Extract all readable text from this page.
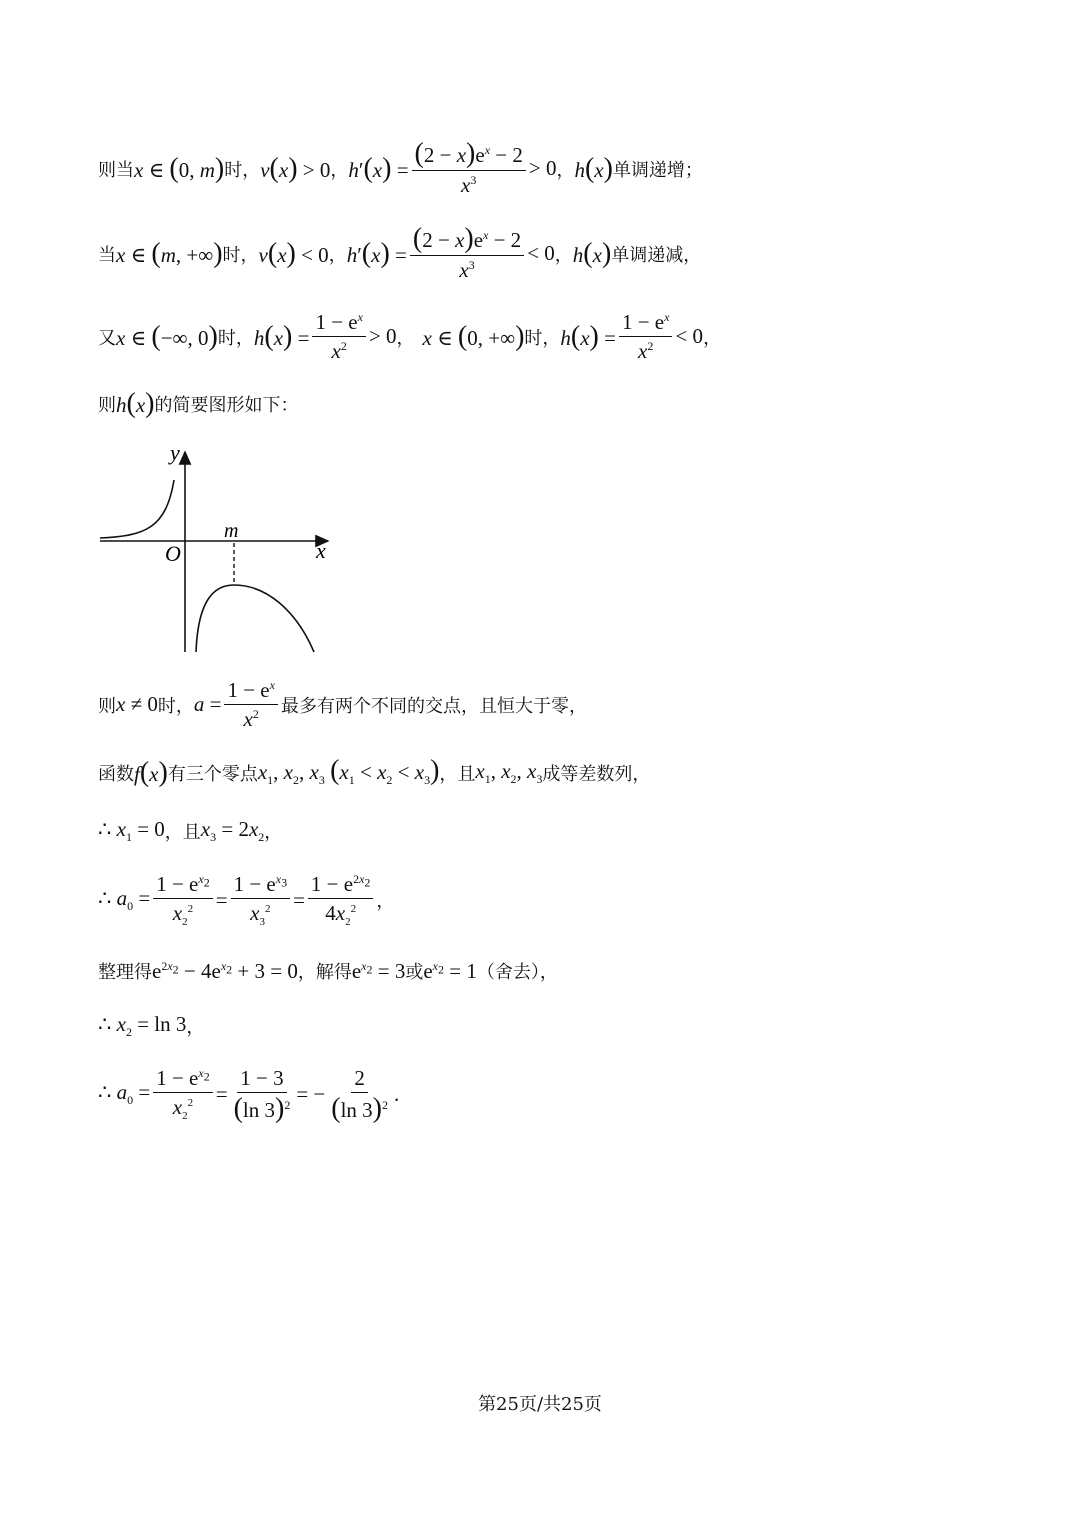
则当 x ∈ (0, m) 时， v(x) > 0 ， $h'(x) = \frac{(2 - x)e^x - 2}{x^3} > 0$ ， h(x) 单调递增；
当 x ∈ (m, +∞) 时， v(x) < 0 ， $h'(x) = \frac{(2 - x)e^x - 2}{x^3} < 0$ ， h(x) 单调递减，
又 x ∈ (−∞, 0) 时， $h(x) = \frac{1 - e^x}{x^2} > 0$ ， x ∈ (0, +∞) 时， $h(x) = \frac{1 - e^x}{x^2} < 0$ ，
则 h(x) 的简要图形如下：
y
x
O
m
则 x ≠ 0 时， $a = \frac{1 - e^x}{x^2}$ 最多有两个不同的交点，且恒大于零，
函数 f(x) 有三个零点 $x_1$, $x_2$, $x_3$ $(x_1 < x_2 < x_3)$ ，且 $x_1$, $x_2$, $x_3$ 成等差数列，
∴ $x_1 = 0$ ，且 $x_3 = 2x_2$ ，
∴ $a_0 = \frac{1 - e^{x_2}}{x_2^2} = \frac{1 - e^{x_3}}{x_3^2} = \frac{1 - e^{2x_2}}{4x_2^2}$ ，
整理得 $e^{2x_2} - 4e^{x_2} + 3 = 0$ ，解得 $e^{x_2} = 3$ 或 $e^{x_2} = 1$ （舍去），
∴ $x_2 = \ln 3$ ，
∴ $a_0 = \frac{1 - e^{x_2}}{x_2^2} = \frac{1 - 3}{(\ln 3)^2}$ = − $\frac{2}{(\ln 3)^2}$ .
第25页/共25页
